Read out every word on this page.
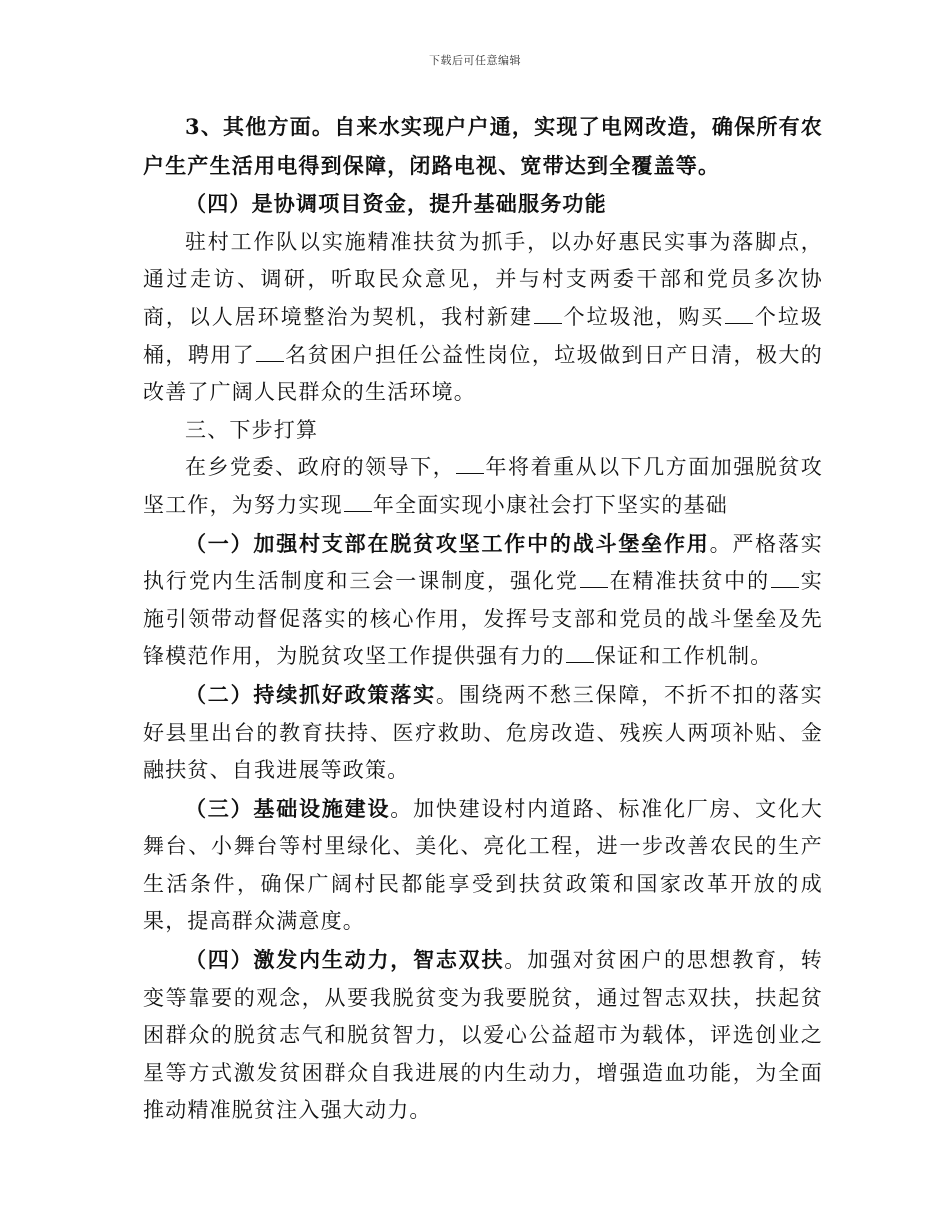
下载后可任意编辑

3、其他方面。自来水实现户户通，实现了电网改造，确保所有农户生产生活用电得到保障，闭路电视、宽带达到全覆盖等。

（四）是协调项目资金，提升基础服务功能

驻村工作队以实施精准扶贫为抓手，以办好惠民实事为落脚点，通过走访、调研，听取民众意见，并与村支两委干部和党员多次协商，以人居环境整治为契机，我村新建 个垃圾池，购买 个垃圾桶，聘用了 名贫困户担任公益性岗位，垃圾做到日产日清，极大的改善了广阔人民群众的生活环境。

三、下步打算

在乡党委、政府的领导下， 年将着重从以下几方面加强脱贫攻坚工作，为努力实现 年全面实现小康社会打下坚实的基础

（一）加强村支部在脱贫攻坚工作中的战斗堡垒作用。严格落实执行党内生活制度和三会一课制度，强化党 在精准扶贫中的 实施引领带动督促落实的核心作用，发挥号支部和党员的战斗堡垒及先锋模范作用，为脱贫攻坚工作提供强有力的 保证和工作机制。

（二）持续抓好政策落实。围绕两不愁三保障，不折不扣的落实好县里出台的教育扶持、医疗救助、危房改造、残疾人两项补贴、金融扶贫、自我进展等政策。

（三）基础设施建设。加快建设村内道路、标准化厂房、文化大舞台、小舞台等村里绿化、美化、亮化工程，进一步改善农民的生产生活条件，确保广阔村民都能享受到扶贫政策和国家改革开放的成果，提高群众满意度。

（四）激发内生动力，智志双扶。加强对贫困户的思想教育，转变等靠要的观念，从要我脱贫变为我要脱贫，通过智志双扶，扶起贫困群众的脱贫志气和脱贫智力，以爱心公益超市为载体，评选创业之星等方式激发贫困群众自我进展的内生动力，增强造血功能，为全面推动精准脱贫注入强大动力。
